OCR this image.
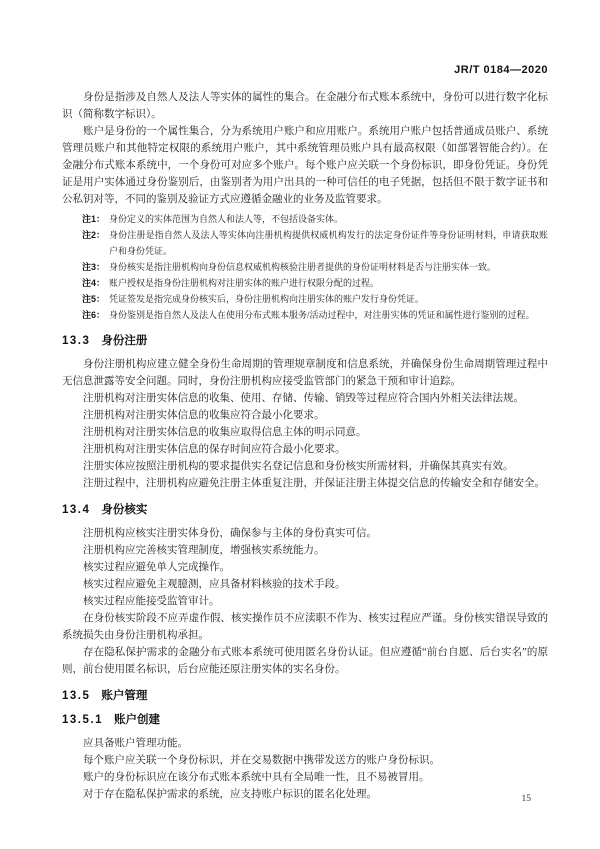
JR/T 0184—2020

身份是指涉及自然人及法人等实体的属性的集合。在金融分布式账本系统中，身份可以进行数字化标识（简称数字标识）。

账户是身份的一个属性集合，分为系统用户账户和应用账户。系统用户账户包括普通成员账户、系统管理员账户和其他特定权限的系统用户账户，其中系统管理员账户具有最高权限（如部署智能合约）。在金融分布式账本系统中，一个身份可对应多个账户。每个账户应关联一个身份标识，即身份凭证。身份凭证是用户实体通过身份鉴别后，由鉴别者为用户出具的一种可信任的电子凭据，包括但不限于数字证书和公私钥对等，不同的鉴别及验证方式应遵循金融业的业务及监管要求。

注1： 身份定义的实体范围为自然人和法人等，不包括设备实体。
注2： 身份注册是指自然人及法人等实体向注册机构提供权威机构发行的法定身份证件等身份证明材料，申请获取账户和身份凭证。
注3： 身份核实是指注册机构向身份信息权威机构核验注册者提供的身份证明材料是否与注册实体一致。
注4： 账户授权是指身份注册机构对注册实体的账户进行权限分配的过程。
注5： 凭证签发是指完成身份核实后，身份注册机构向注册实体的账户发行身份凭证。
注6： 身份鉴别是指自然人及法人在使用分布式账本服务/活动过程中，对注册实体的凭证和属性进行鉴别的过程。
13.3 身份注册

身份注册机构应建立健全身份生命周期的管理规章制度和信息系统，并确保身份生命周期管理过程中无信息泄露等安全问题。同时，身份注册机构应接受监管部门的紧急干预和审计追踪。

注册机构对注册实体信息的收集、使用、存储、传输、销毁等过程应符合国内外相关法律法规。

注册机构对注册实体信息的收集应符合最小化要求。

注册机构对注册实体信息的收集应取得信息主体的明示同意。

注册机构对注册实体信息的保存时间应符合最小化要求。

注册实体应按照注册机构的要求提供实名登记信息和身份核实所需材料，并确保其真实有效。

注册过程中，注册机构应避免注册主体重复注册，并保证注册主体提交信息的传输安全和存储安全。

13.4 身份核实

注册机构应核实注册实体身份，确保参与主体的身份真实可信。

注册机构应完善核实管理制度，增强核实系统能力。

核实过程应避免单人完成操作。

核实过程应避免主观臆测，应具备材料核验的技术手段。

核实过程应能接受监管审计。

在身份核实阶段不应弄虚作假、核实操作员不应渎职不作为、核实过程应严谨。身份核实错误导致的系统损失由身份注册机构承担。

存在隐私保护需求的金融分布式账本系统可使用匿名身份认证。但应遵循“前台自愿、后台实名”的原则，前台使用匿名标识，后台应能还原注册实体的实名身份。

13.5 账户管理
13.5.1 账户创建

应具备账户管理功能。

每个账户应关联一个身份标识，并在交易数据中携带发送方的账户身份标识。

账户的身份标识应在该分布式账本系统中具有全局唯一性，且不易被冒用。

对于存在隐私保护需求的系统，应支持账户标识的匿名化处理。	15
